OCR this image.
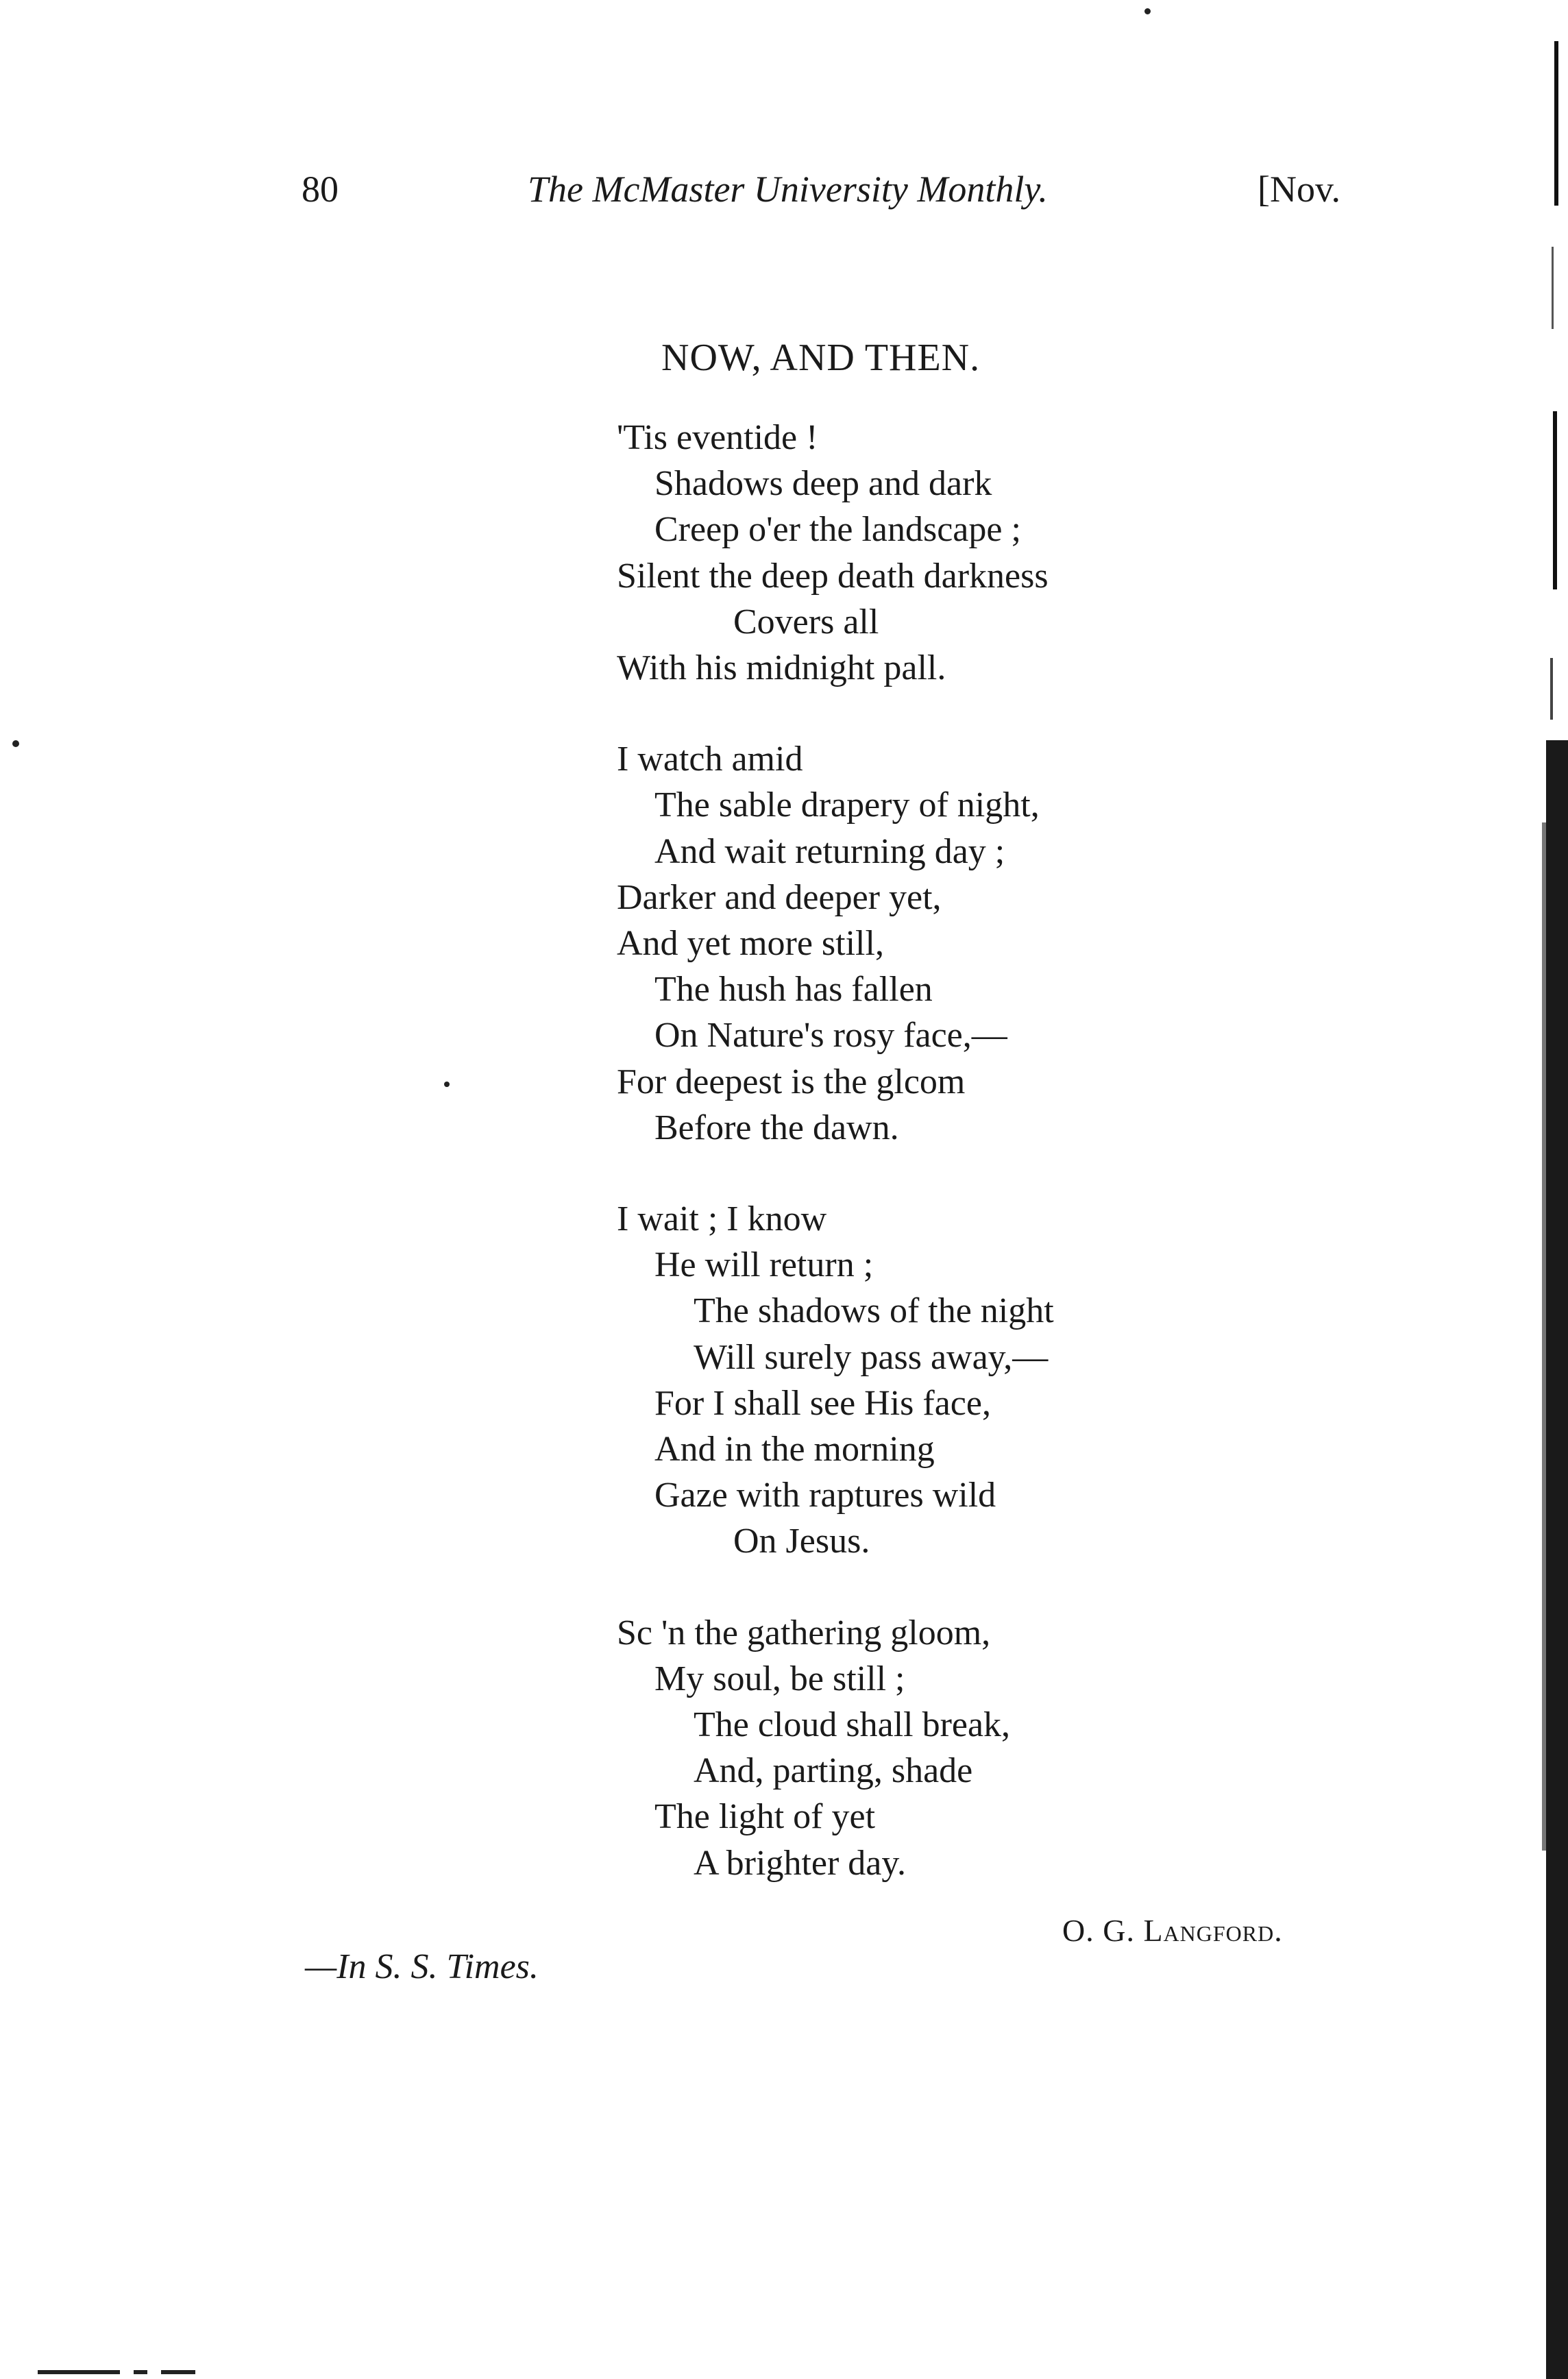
80	The McMaster University Monthly.	[Nov.
NOW, AND THEN.
'Tis eventide !
Shadows deep and dark
Creep o'er the landscape ;
Silent the deep death darkness
Covers all
With his midnight pall.
I watch amid
The sable drapery of night,
And wait returning day ;
Darker and deeper yet,
And yet more still,
The hush has fallen
On Nature's rosy face,—
For deepest is the glcom
Before the dawn.
I wait ; I know
He will return ;
The shadows of the night
Will surely pass away,—
For I shall see His face,
And in the morning
Gaze with raptures wild
On Jesus.
Sc 'n the gathering gloom,
My soul, be still ;
The cloud shall break,
And, parting, shade
The light of yet
A brighter day.
O. G. Langford.
—In S. S. Times.
